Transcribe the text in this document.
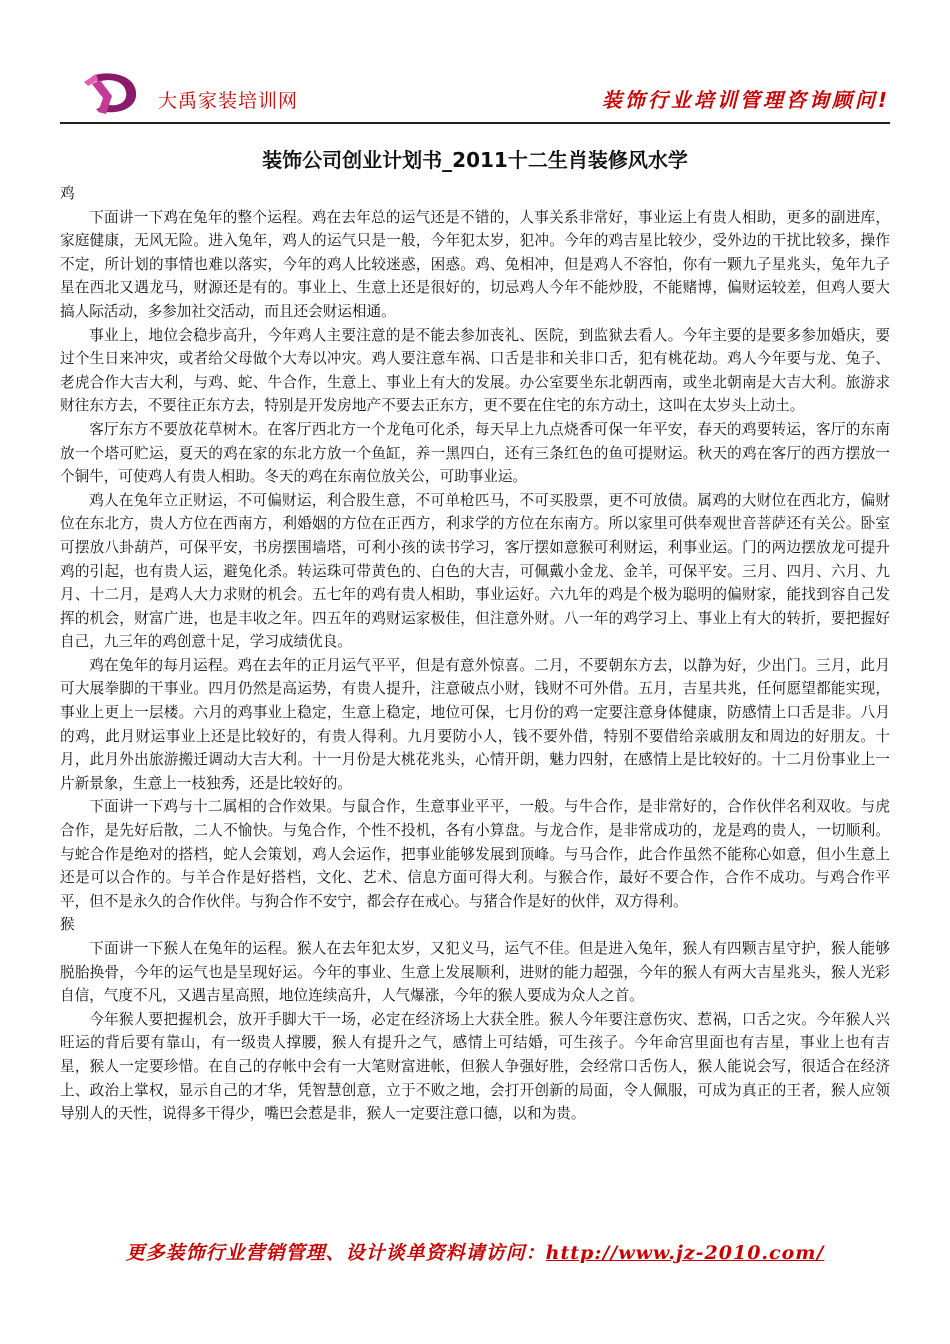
大禹家装培训网	装饰行业培训管理咨询顾问!
装饰公司创业计划书_2011十二生肖装修风水学
鸡

下面讲一下鸡在兔年的整个运程。鸡在去年总的运气还是不错的，人事关系非常好，事业运上有贵人相助，更多的副进库，家庭健康，无风无险。进入兔年，鸡人的运气只是一般，今年犯太岁，犯冲。今年的鸡吉星比较少，受外边的干扰比较多，操作不定，所计划的事情也难以落实，今年的鸡人比较迷惑，困惑。鸡、兔相冲，但是鸡人不容怕，你有一颗九子星兆头，兔年九子星在西北又遇龙马，财源还是有的。事业上、生意上还是很好的，切忌鸡人今年不能炒股，不能赌博，偏财运较差，但鸡人要大搞人际活动，多参加社交活动，而且还会财运相通。

事业上，地位会稳步高升，今年鸡人主要注意的是不能去参加丧礼、医院，到监狱去看人。今年主要的是要多参加婚庆，要过个生日来冲灾，或者给父母做个大寿以冲灾。鸡人要注意车祸、口舌是非和关非口舌，犯有桃花劫。鸡人今年要与龙、兔子、老虎合作大吉大利，与鸡、蛇、牛合作，生意上、事业上有大的发展。办公室要坐东北朝西南，或坐北朝南是大吉大利。旅游求财往东方去，不要往正东方去，特别是开发房地产不要去正东方，更不要在住宅的东方动土，这叫在太岁头上动土。

客厅东方不要放花草树木。在客厅西北方一个龙龟可化杀，每天早上九点烧香可保一年平安，春天的鸡要转运，客厅的东南放一个塔可贮运，夏天的鸡在家的东北方放一个鱼缸，养一黑四白，还有三条红色的鱼可提财运。秋天的鸡在客厅的西方摆放一个铜牛，可使鸡人有贵人相助。冬天的鸡在东南位放关公，可助事业运。

鸡人在兔年立正财运，不可偏财运，利合股生意，不可单枪匹马，不可买股票，更不可放债。属鸡的大财位在西北方，偏财位在东北方，贵人方位在西南方，利婚姻的方位在正西方，利求学的方位在东南方。所以家里可供奉观世音菩萨还有关公。卧室可摆放八卦葫芦，可保平安，书房摆围墙塔，可利小孩的读书学习，客厅摆如意猴可利财运，利事业运。门的两边摆放龙可提升鸡的引起，也有贵人运，避兔化杀。转运珠可带黄色的、白色的大吉，可佩戴小金龙、金羊，可保平安。三月、四月、六月、九月、十二月，是鸡人大力求财的机会。五七年的鸡有贵人相助，事业运好。六九年的鸡是个极为聪明的偏财家，能找到容自己发挥的机会，财富广进，也是丰收之年。四五年的鸡财运家极佳，但注意外财。八一年的鸡学习上、事业上有大的转折，要把握好自己，九三年的鸡创意十足，学习成绩优良。

鸡在兔年的每月运程。鸡在去年的正月运气平平，但是有意外惊喜。二月，不要朝东方去，以静为好，少出门。三月，此月可大展拳脚的干事业。四月仍然是高运势，有贵人提升，注意破点小财，钱财不可外借。五月，吉星共兆，任何愿望都能实现，事业上更上一层楼。六月的鸡事业上稳定，生意上稳定，地位可保，七月份的鸡一定要注意身体健康，防感情上口舌是非。八月的鸡，此月财运事业上还是比较好的，有贵人得利。九月要防小人，钱不要外借，特别不要借给亲戚朋友和周边的好朋友。十月，此月外出旅游搬迁调动大吉大利。十一月份是大桃花兆头，心情开朗，魅力四射，在感情上是比较好的。十二月份事业上一片新景象，生意上一枝独秀，还是比较好的。

下面讲一下鸡与十二属相的合作效果。与鼠合作，生意事业平平，一般。与牛合作，是非常好的，合作伙伴名利双收。与虎合作，是先好后散，二人不愉快。与兔合作，个性不投机，各有小算盘。与龙合作，是非常成功的，龙是鸡的贵人，一切顺利。与蛇合作是绝对的搭档，蛇人会策划，鸡人会运作，把事业能够发展到顶峰。与马合作，此合作虽然不能称心如意，但小生意上还是可以合作的。与羊合作是好搭档，文化、艺术、信息方面可得大利。与猴合作，最好不要合作，合作不成功。与鸡合作平平，但不是永久的合作伙伴。与狗合作不安宁，都会存在戒心。与猪合作是好的伙伴，双方得利。

猴

下面讲一下猴人在兔年的运程。猴人在去年犯太岁，又犯义马，运气不佳。但是进入兔年，猴人有四颗吉星守护，猴人能够脱胎换骨，今年的运气也是呈现好运。今年的事业、生意上发展顺利，进财的能力超强，今年的猴人有两大吉星兆头，猴人光彩自信，气度不凡，又遇吉星高照，地位连续高升，人气爆涨，今年的猴人要成为众人之首。

今年猴人要把握机会，放开手脚大干一场，必定在经济场上大获全胜。猴人今年要注意伤灾、惹祸，口舌之灾。今年猴人兴旺运的背后要有靠山，有一级贵人撑腰，猴人有提升之气，感情上可结婚，可生孩子。今年命宫里面也有吉星，事业上也有吉星，猴人一定要珍惜。在自己的存帐中会有一大笔财富进帐，但猴人争强好胜，会经常口舌伤人，猴人能说会写，很适合在经济上、政治上掌权，显示自己的才华，凭智慧创意，立于不败之地，会打开创新的局面，令人佩服，可成为真正的王者，猴人应领导别人的天性，说得多干得少，嘴巴会惹是非，猴人一定要注意口德，以和为贵。

更多装饰行业营销管理、设计谈单资料请访问：http://www.jz-2010.com/
